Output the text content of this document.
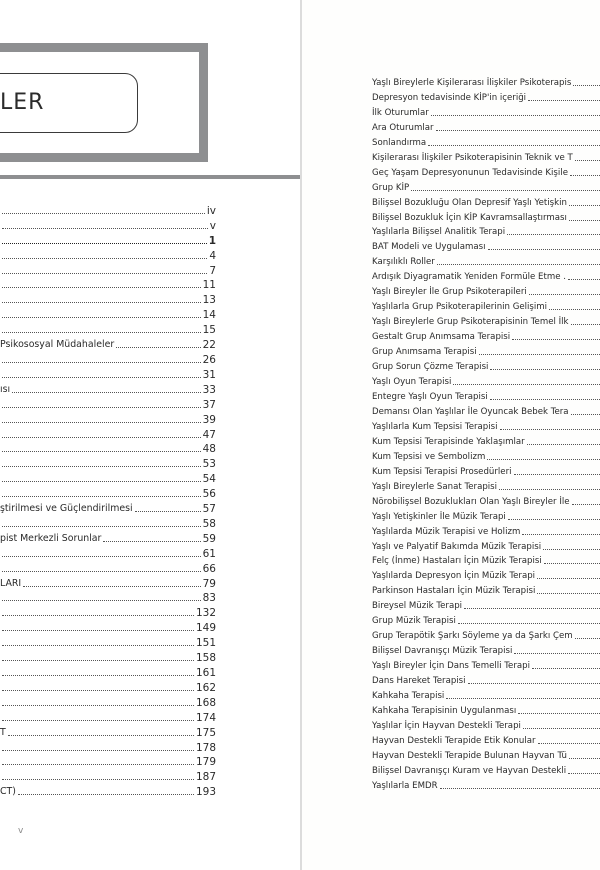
LER
iv
v
1
4
7
11
13
14
15
Psikososyal Müdahaleler	22
26
31
ısı	33
37
39
47
48
53
54
56
ştirilmesi ve Güçlendirilmesi	57
58
pist Merkezli Sorunlar	59
61
66
LARI	79
83
132
149
151
158
161
162
168
174
T	175
178
179
187
CT)	193
v
Yaşlı Bireylerle Kişilerarası İlişkiler Psikoterapis
Depresyon tedavisinde KİP'in içeriği
İlk Oturumlar
Ara Oturumlar
Sonlandırma
Kişilerarası İlişkiler Psikoterapisinin Teknik ve T
Geç Yaşam Depresyonunun Tedavisinde Kişile
Grup KİP
Bilişsel Bozukluğu Olan Depresif Yaşlı Yetişkin
Bilişsel Bozukluk İçin KİP Kavramsallaştırması
Yaşlılarla Bilişsel Analitik Terapi
BAT Modeli ve Uygulaması
Karşılıklı Roller
Ardışık Diyagramatik Yeniden Formüle Etme .
Yaşlı Bireyler İle Grup Psikoterapileri
Yaşlılarla Grup Psikoterapilerinin Gelişimi
Yaşlı Bireylerle Grup Psikoterapisinin Temel İlk
Gestalt Grup Anımsama Terapisi
Grup Anımsama Terapisi
Grup Sorun Çözme Terapisi
Yaşlı Oyun Terapisi
Entegre Yaşlı Oyun Terapisi
Demansı Olan Yaşlılar İle Oyuncak Bebek Tera
Yaşlılarla Kum Tepsisi Terapisi
Kum Tepsisi Terapisinde Yaklaşımlar
Kum Tepsisi ve Sembolizm
Kum Tepsisi Terapisi Prosedürleri
Yaşlı Bireylerle Sanat Terapisi
Nörobilişsel Bozuklukları Olan Yaşlı Bireyler İle
Yaşlı Yetişkinler İle Müzik Terapi
Yaşlılarda Müzik Terapisi ve Holizm
Yaşlı ve Palyatif Bakımda Müzik Terapisi
Felç (İnme) Hastaları İçin Müzik Terapisi
Yaşlılarda Depresyon İçin Müzik Terapi
Parkinson Hastaları İçin Müzik Terapisi
Bireysel Müzik Terapi
Grup Müzik Terapisi
Grup Terapötik Şarkı Söyleme ya da Şarkı Çem
Bilişsel Davranışçı Müzik Terapisi
Yaşlı Bireyler İçin Dans Temelli Terapi
Dans Hareket Terapisi
Kahkaha Terapisi
Kahkaha Terapisinin Uygulanması
Yaşlılar İçin Hayvan Destekli Terapi
Hayvan Destekli Terapide Etik Konular
Hayvan Destekli Terapide Bulunan Hayvan Tü
Bilişsel Davranışçı Kuram ve Hayvan Destekli
Yaşlılarla EMDR
